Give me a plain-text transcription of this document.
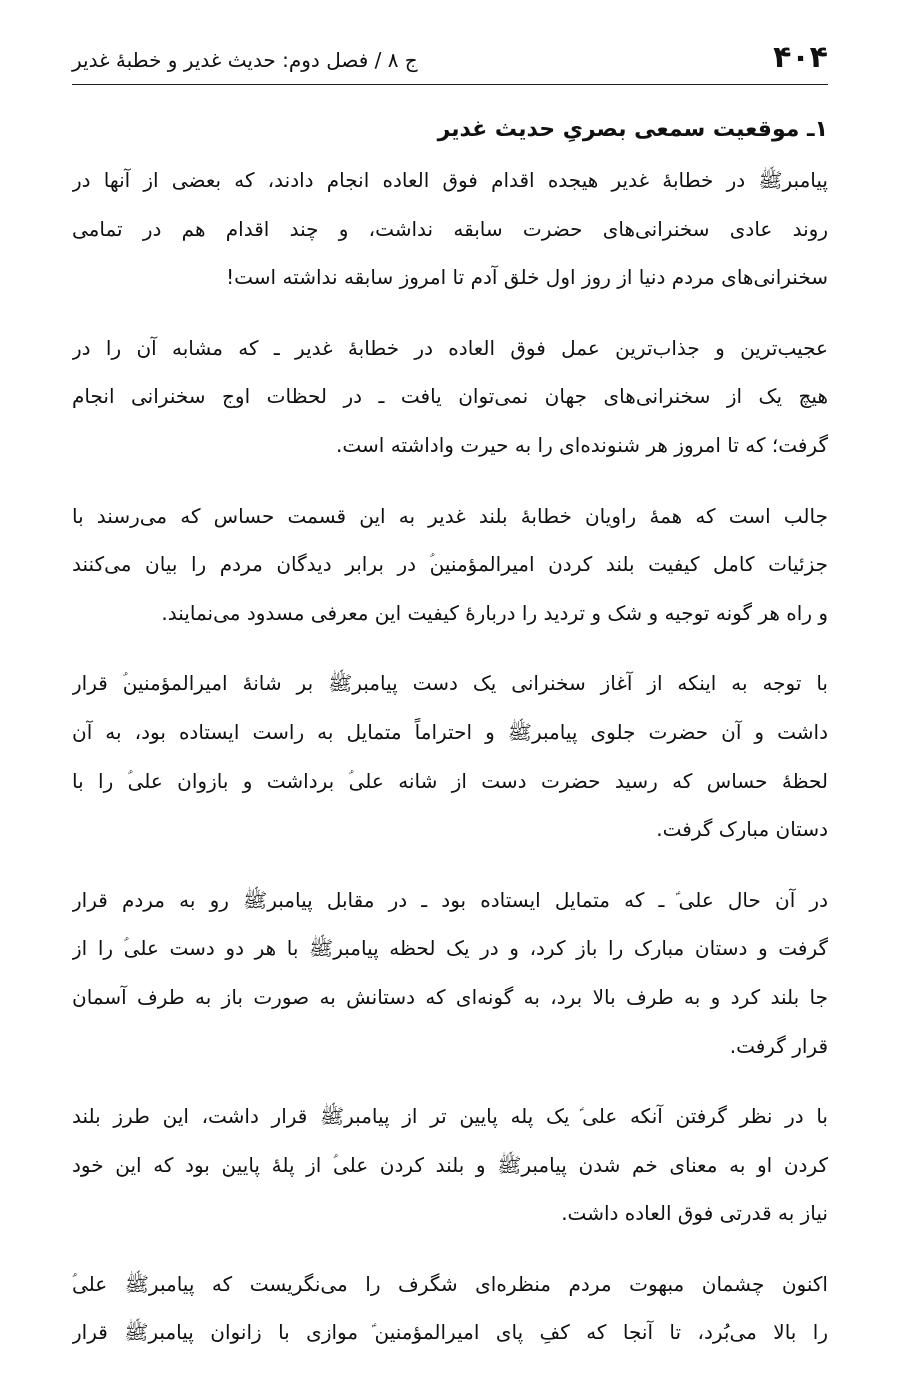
۴۰۴
ج ۸ / فصل دوم: حدیث غدیر و خطبهٔ غدیر
۱ـ موقعیت سمعی بصریِ حدیث غدیر
پیامبرﷺ در خطابهٔ غدیر هیجده اقدام فوق العاده انجام دادند، که بعضی از آنها در
روند عادی سخنرانی‌های حضرت سابقه نداشت، و چند اقدام هم در تمامی
سخنرانی‌های مردم دنیا از روز اول خلق آدم تا امروز سابقه نداشته است!
عجیب‌ترین و جذاب‌ترین عمل فوق العاده در خطابهٔ غدیر ـ که مشابه آن را در
هیچ یک از سخنرانی‌های جهان نمی‌توان یافت ـ در لحظات اوج سخنرانی انجام
گرفت؛ که تا امروز هر شنونده‌ای را به حیرت واداشته است.
جالب است که همهٔ راویان خطابهٔ بلند غدیر به این قسمت حساس که می‌رسند با
جزئیات کامل کیفیت بلند کردن امیرالمؤمنین‌ؑ در برابر دیدگان مردم را بیان می‌کنند
و راه هر گونه توجیه و شک و تردید را دربارهٔ کیفیت این معرفی مسدود می‌نمایند.
با توجه به اینکه از آغاز سخنرانی یک دست پیامبرﷺ بر شانهٔ امیرالمؤمنین‌ؑ قرار
داشت و آن حضرت جلوی پیامبرﷺ و احتراماً متمایل به راست ایستاده بود، به آن
لحظهٔ حساس که رسید حضرت دست از شانه علی‌ؑ برداشت و بازوان علی‌ؑ را با
دستان مبارک گرفت.
در آن حال علی‌ؑ ـ که متمایل ایستاده بود ـ در مقابل پیامبرﷺ رو به مردم قرار
گرفت و دستان مبارک را باز کرد، و در یک لحظه پیامبرﷺ با هر دو دست علی‌ؑ را از
جا بلند کرد و به طرف بالا برد، به گونه‌ای که دستانش به صورت باز به طرف آسمان
قرار گرفت.
با در نظر گرفتن آنکه علی‌ؑ یک پله پایین تر از پیامبرﷺ قرار داشت، این طرز بلند
کردن او به معنای خم شدن پیامبرﷺ و بلند کردن علی‌ؑ از پلهٔ پایین بود که این خود
نیاز به قدرتی فوق العاده داشت.
اکنون چشمان مبهوت مردم منظره‌ای شگرف را می‌نگریست که پیامبرﷺ علی‌ؑ
را بالا می‌بُرد، تا آنجا که کفِ پای امیرالمؤمنین‌ؑ موازی با زانوان پیامبرﷺ قرار
